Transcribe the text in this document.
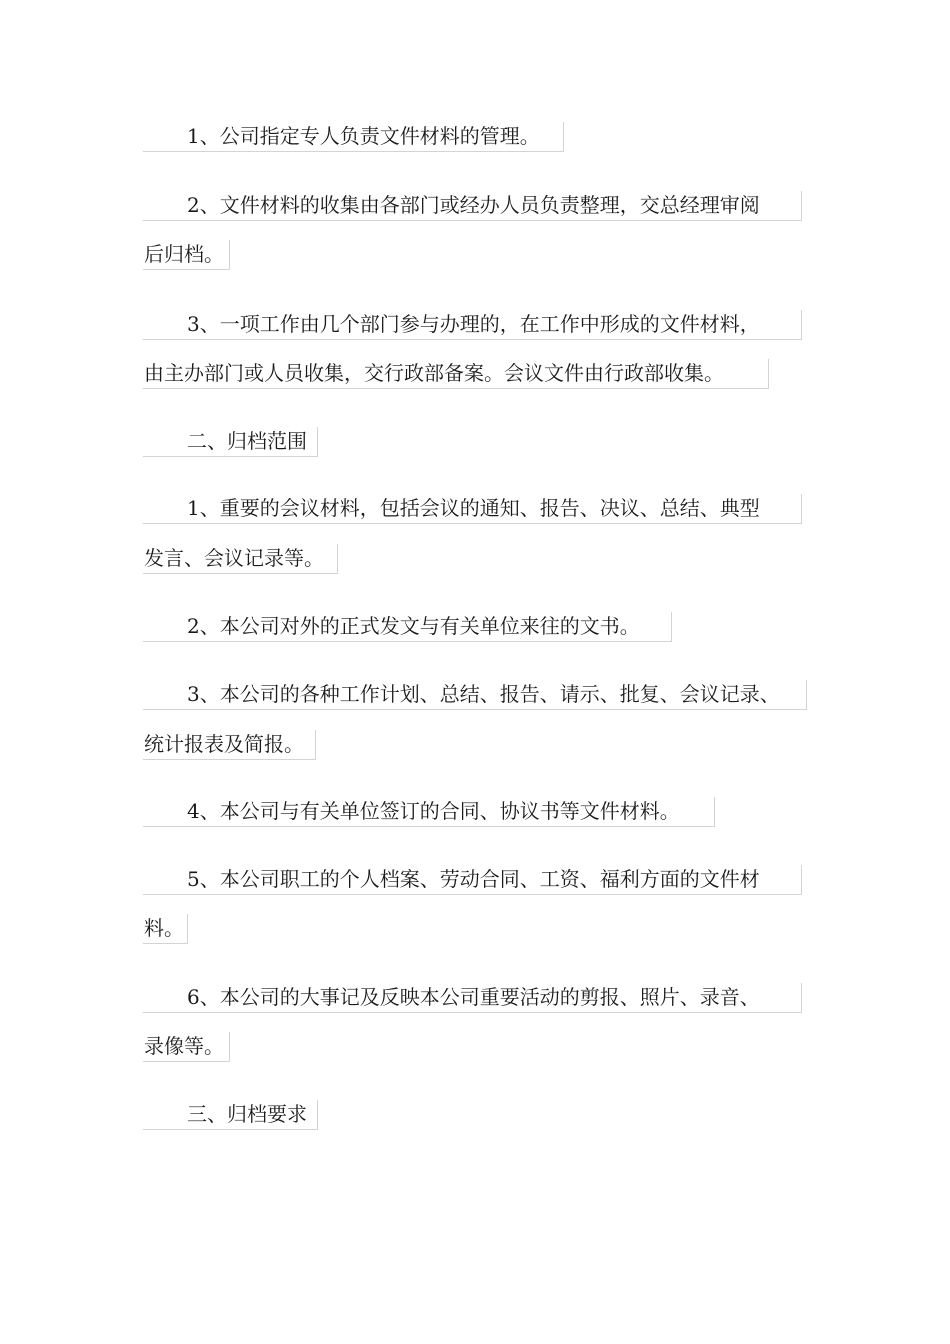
1、公司指定专人负责文件材料的管理。
2、文件材料的收集由各部门或经办人员负责整理，交总经理审阅
后归档。
3、一项工作由几个部门参与办理的，在工作中形成的文件材料，
由主办部门或人员收集，交行政部备案。会议文件由行政部收集。
二、归档范围
1、重要的会议材料，包括会议的通知、报告、决议、总结、典型
发言、会议记录等。
2、本公司对外的正式发文与有关单位来往的文书。
3、本公司的各种工作计划、总结、报告、请示、批复、会议记录、
统计报表及简报。
4、本公司与有关单位签订的合同、协议书等文件材料。
5、本公司职工的个人档案、劳动合同、工资、福利方面的文件材
料。
6、本公司的大事记及反映本公司重要活动的剪报、照片、录音、
录像等。
三、归档要求
